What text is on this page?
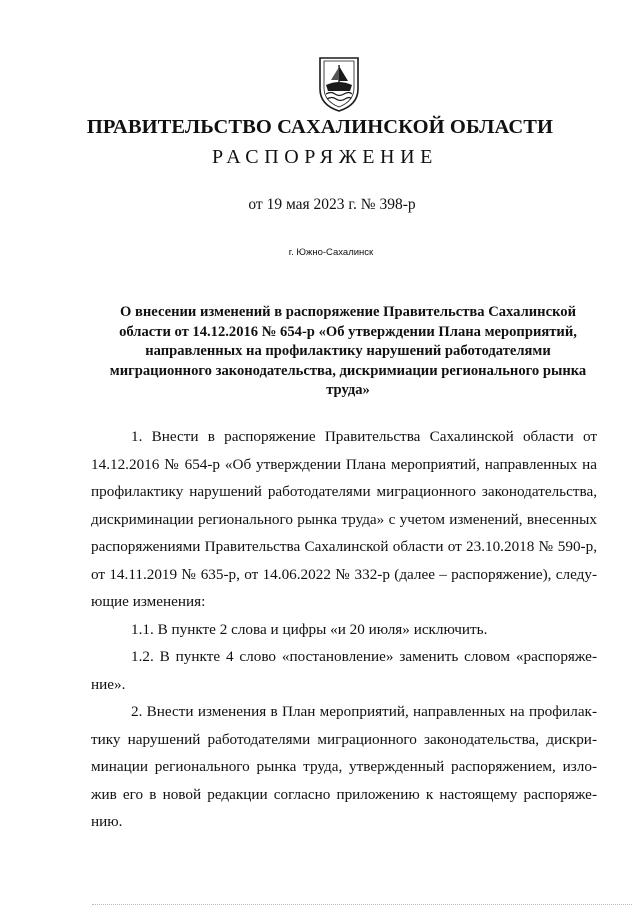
ПРАВИТЕЛЬСТВО САХАЛИНСКОЙ ОБЛАСТИ
РАСПОРЯЖЕНИЕ
от 19 мая 2023 г. № 398-р
г. Южно-Сахалинск
О внесении изменений в распоряжение Правительства Сахалинской
области от 14.12.2016 № 654-р «Об утверждении Плана мероприятий,
направленных на профилактику нарушений работодателями
миграционного законодательства, дискримиации регионального рынка
труда»

1. Внести в распоряжение Правительства Сахалинской области от 14.12.2016 № 654-р «Об утверждении Плана мероприятий, направленных на профилактику нарушений работодателями миграционного законодательства, дискриминации регионального рынка труда» с учетом изменений, внесенных распоряжениями Правительства Сахалинской области от 23.10.2018 № 590-р, от 14.11.2019 № 635-р, от 14.06.2022 № 332-р (далее – распоряжение), следующие изменения:

1.1. В пункте 2 слова и цифры «и 20 июля» исключить.

1.2. В пункте 4 слово «постановление» заменить словом «распоряжение».

2. Внести изменения в План мероприятий, направленных на профилактику нарушений работодателями миграционного законодательства, дискриминации регионального рынка труда, утвержденный распоряжением, изложив его в новой редакции согласно приложению к настоящему распоряжению.
